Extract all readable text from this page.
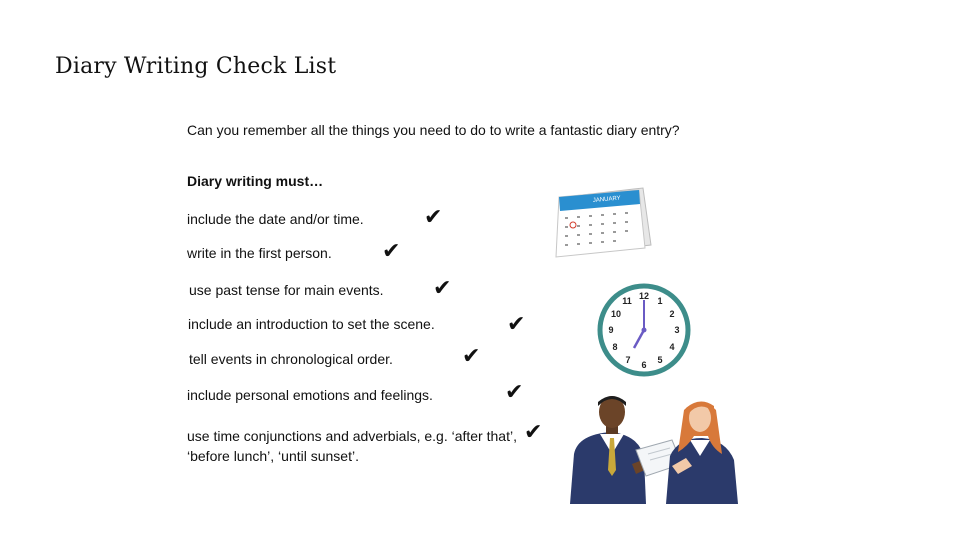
Diary Writing Check List
Can you remember all the things you need to do to write a fantastic diary entry?
Diary writing must…
include the date and/or time.	✔
write in the first person. ✔
use past tense for main events. ✔
include an introduction to set the scene.	✔
tell events in chronological order.	✔
include personal emotions and feelings.	✔
use time conjunctions and adverbials, e.g. ‘after that’, ‘before lunch’, ‘until sunset’.
✔
JANUARY
12 1
2
3
4
5
6
7
8
9
10
11
